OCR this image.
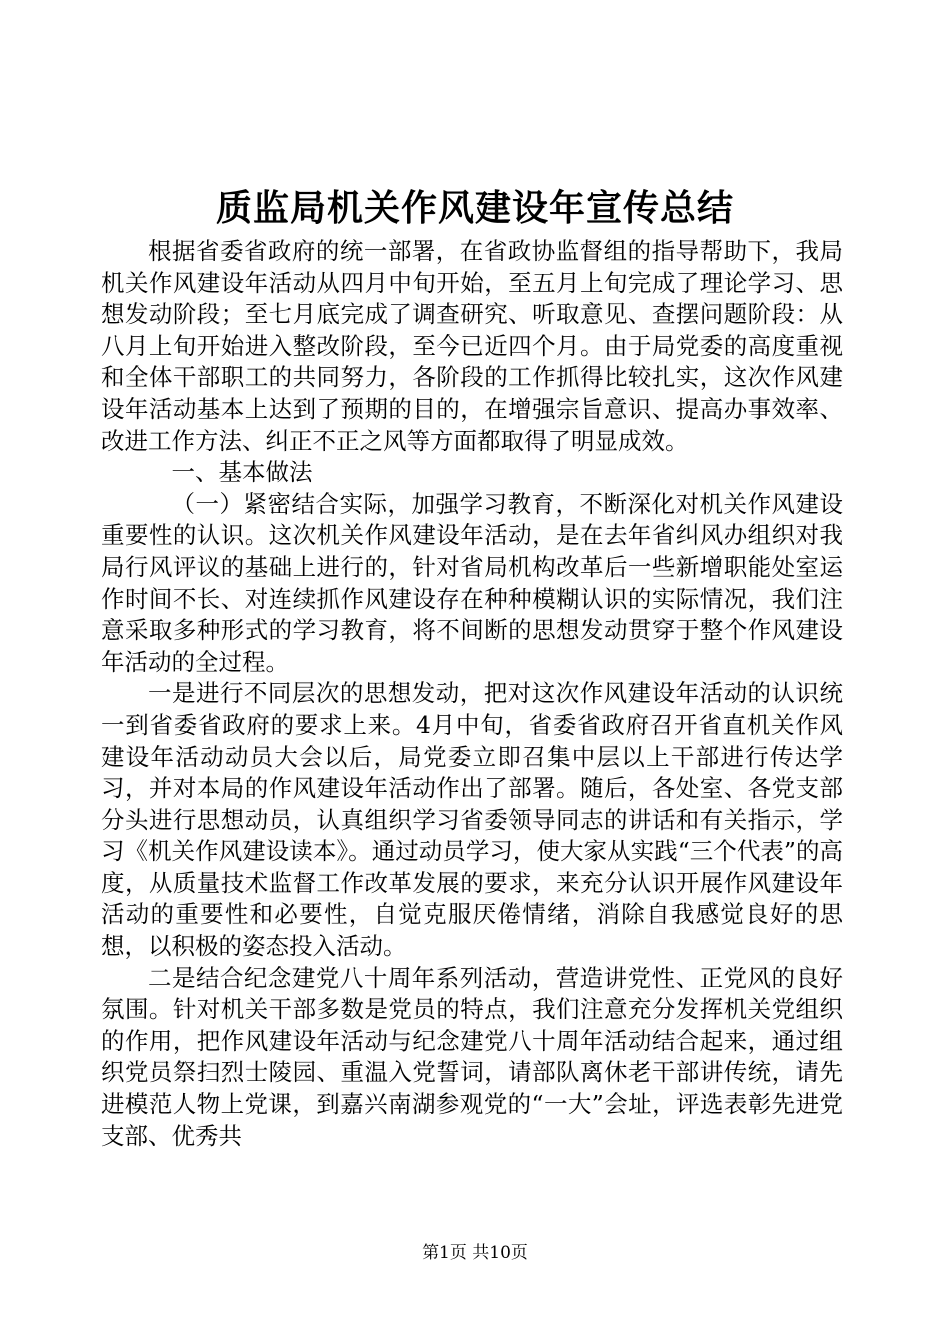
质监局机关作风建设年宣传总结

根据省委省政府的统一部署，在省政协监督组的指导帮助下，我局机关作风建设年活动从四月中旬开始，至五月上旬完成了理论学习、思想发动阶段；至七月底完成了调查研究、听取意见、查摆问题阶段：从八月上旬开始进入整改阶段，至今已近四个月。由于局党委的高度重视和全体干部职工的共同努力，各阶段的工作抓得比较扎实，这次作风建设年活动基本上达到了预期的目的，在增强宗旨意识、提高办事效率、改进工作方法、纠正不正之风等方面都取得了明显成效。

一、基本做法

（一）紧密结合实际，加强学习教育，不断深化对机关作风建设重要性的认识。这次机关作风建设年活动，是在去年省纠风办组织对我局行风评议的基础上进行的，针对省局机构改革后一些新增职能处室运作时间不长、对连续抓作风建设存在种种模糊认识的实际情况，我们注意采取多种形式的学习教育，将不间断的思想发动贯穿于整个作风建设年活动的全过程。

一是进行不同层次的思想发动，把对这次作风建设年活动的认识统一到省委省政府的要求上来。4月中旬，省委省政府召开省直机关作风建设年活动动员大会以后，局党委立即召集中层以上干部进行传达学习，并对本局的作风建设年活动作出了部署。随后，各处室、各党支部分头进行思想动员，认真组织学习省委领导同志的讲话和有关指示，学习《机关作风建设读本》。通过动员学习，使大家从实践“三个代表”的高度，从质量技术监督工作改革发展的要求，来充分认识开展作风建设年活动的重要性和必要性，自觉克服厌倦情绪，消除自我感觉良好的思想，以积极的姿态投入活动。

二是结合纪念建党八十周年系列活动，营造讲党性、正党风的良好氛围。针对机关干部多数是党员的特点，我们注意充分发挥机关党组织的作用，把作风建设年活动与纪念建党八十周年活动结合起来，通过组织党员祭扫烈士陵园、重温入党誓词，请部队离休老干部讲传统，请先进模范人物上党课，到嘉兴南湖参观党的“一大”会址，评选表彰先进党支部、优秀共

第1页 共10页
